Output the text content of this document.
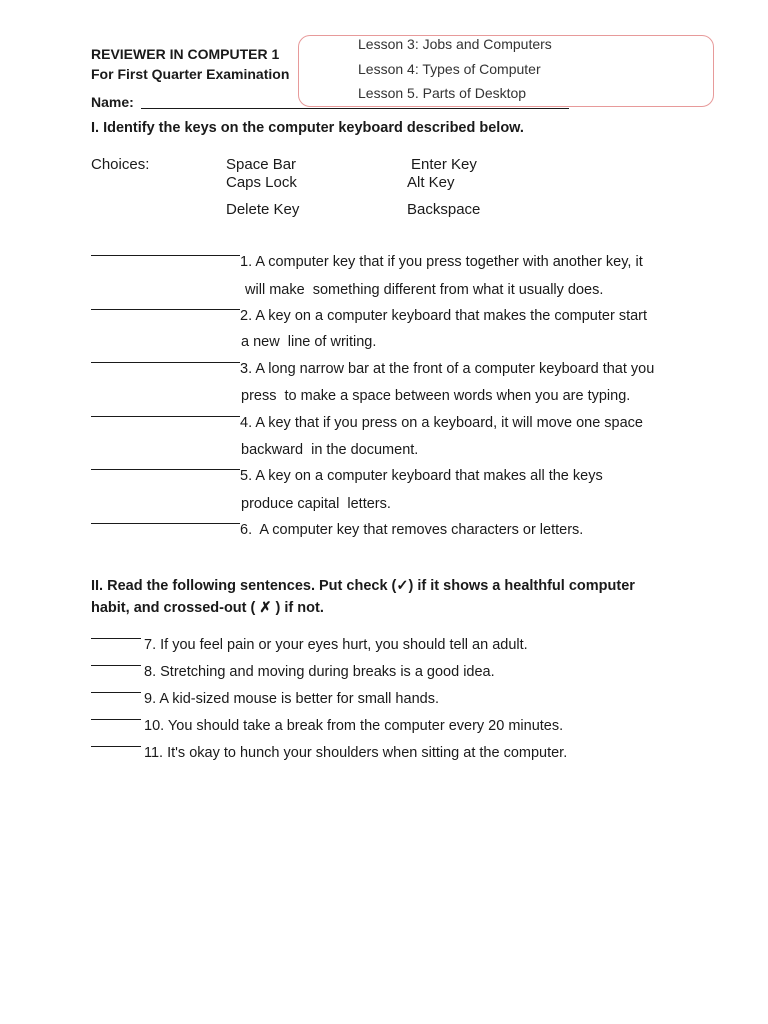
REVIEWER IN COMPUTER 1
For First Quarter Examination
Name:
Lesson 3: Jobs and Computers
Lesson 4: Types of Computer
Lesson 5. Parts of Desktop
I. Identify the keys on the computer keyboard described below.
Choices:	Space Bar	Enter Key
Caps Lock	Alt Key
Delete Key	Backspace
1. A computer key that if you press together with another key, it
will make  something different from what it usually does.
2. A key on a computer keyboard that makes the computer start
a new  line of writing.
3. A long narrow bar at the front of a computer keyboard that you
press  to make a space between words when you are typing.
4. A key that if you press on a keyboard, it will move one space
backward  in the document.
5. A key on a computer keyboard that makes all the keys
produce capital  letters.
6.  A computer key that removes characters or letters.
II. Read the following sentences. Put check (✓) if it shows a healthful computer
habit, and crossed-out ( ✗ ) if not.
7. If you feel pain or your eyes hurt, you should tell an adult.
8. Stretching and moving during breaks is a good idea.
9. A kid-sized mouse is better for small hands.
10. You should take a break from the computer every 20 minutes.
11. It's okay to hunch your shoulders when sitting at the computer.
